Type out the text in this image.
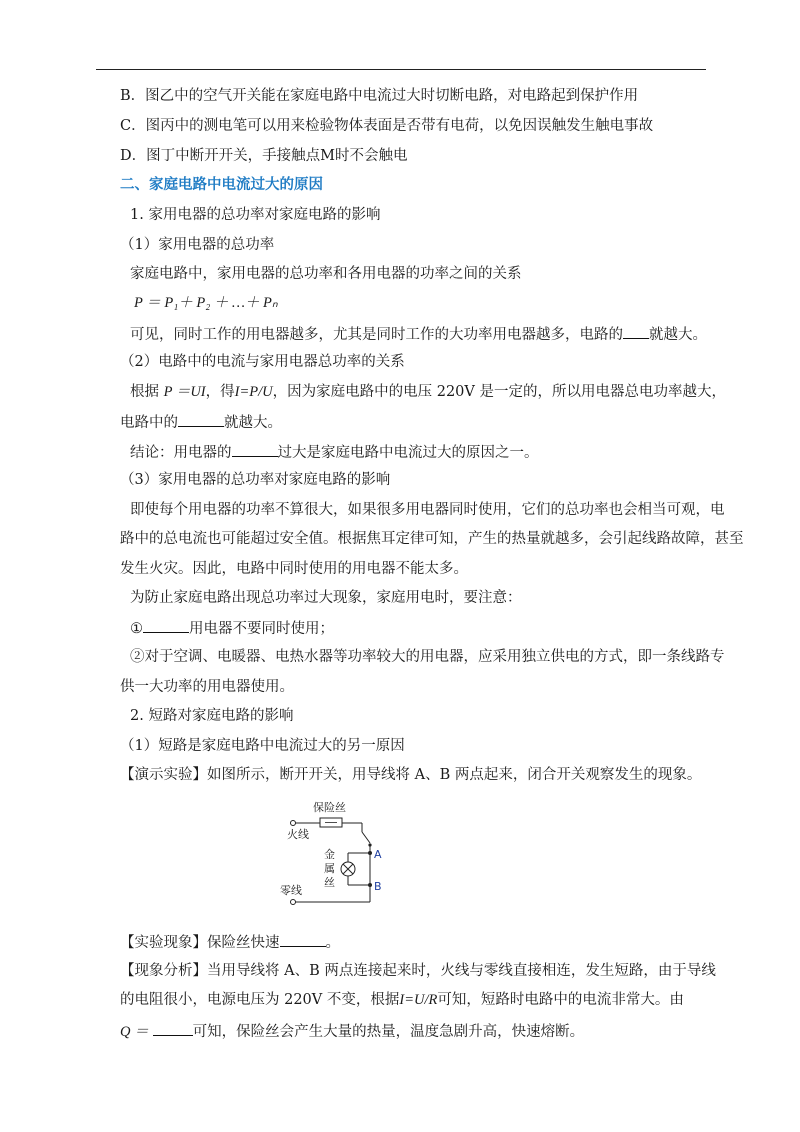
B．图乙中的空气开关能在家庭电路中电流过大时切断电路，对电路起到保护作用
C．图丙中的测电笔可以用来检验物体表面是否带有电荷，以免因误触发生触电事故
D．图丁中断开开关，手接触点M时不会触电
二、家庭电路中电流过大的原因
1. 家用电器的总功率对家庭电路的影响
（1）家用电器的总功率
家庭电路中，家用电器的总功率和各用电器的功率之间的关系
P ＝ P₁＋ P₂ ＋ …＋ Pₙ
可见，同时工作的用电器越多，尤其是同时工作的大功率用电器越多，电路的 就越大。
（2）电路中的电流与家用电器总功率的关系
根据 P ＝UI，得I=P/U，因为家庭电路中的电压 220V 是一定的，所以用电器总电功率越大，
电路中的	就越大。
结论：用电器的	过大是家庭电路中电流过大的原因之一。
（3）家用电器的总功率对家庭电路的影响
即使每个用电器的功率不算很大，如果很多用电器同时使用，它们的总功率也会相当可观，电
路中的总电流也可能超过安全值。根据焦耳定律可知，产生的热量就越多，会引起线路故障，甚至
发生火灾。因此，电路中同时使用的用电器不能太多。
为防止家庭电路出现总功率过大现象，家庭用电时，要注意：
①	用电器不要同时使用；
②对于空调、电暖器、电热水器等功率较大的用电器，应采用独立供电的方式，即一条线路专
供一大功率的用电器使用。
2. 短路对家庭电路的影响
（1）短路是家庭电路中电流过大的另一原因
【演示实验】如图所示，断开开关，用导线将 A、B 两点起来，闭合开关观察发生的现象。
保险丝
火线
零线
金
属
丝
A
B
【实验现象】保险丝快速	。
【现象分析】当用导线将 A、B 两点连接起来时，火线与零线直接相连，发生短路，由于导线
的电阻很小，电源电压为 220V 不变，根据I=U/R可知，短路时电路中的电流非常大。由
Q ＝	可知，保险丝会产生大量的热量，温度急剧升高，快速熔断。
